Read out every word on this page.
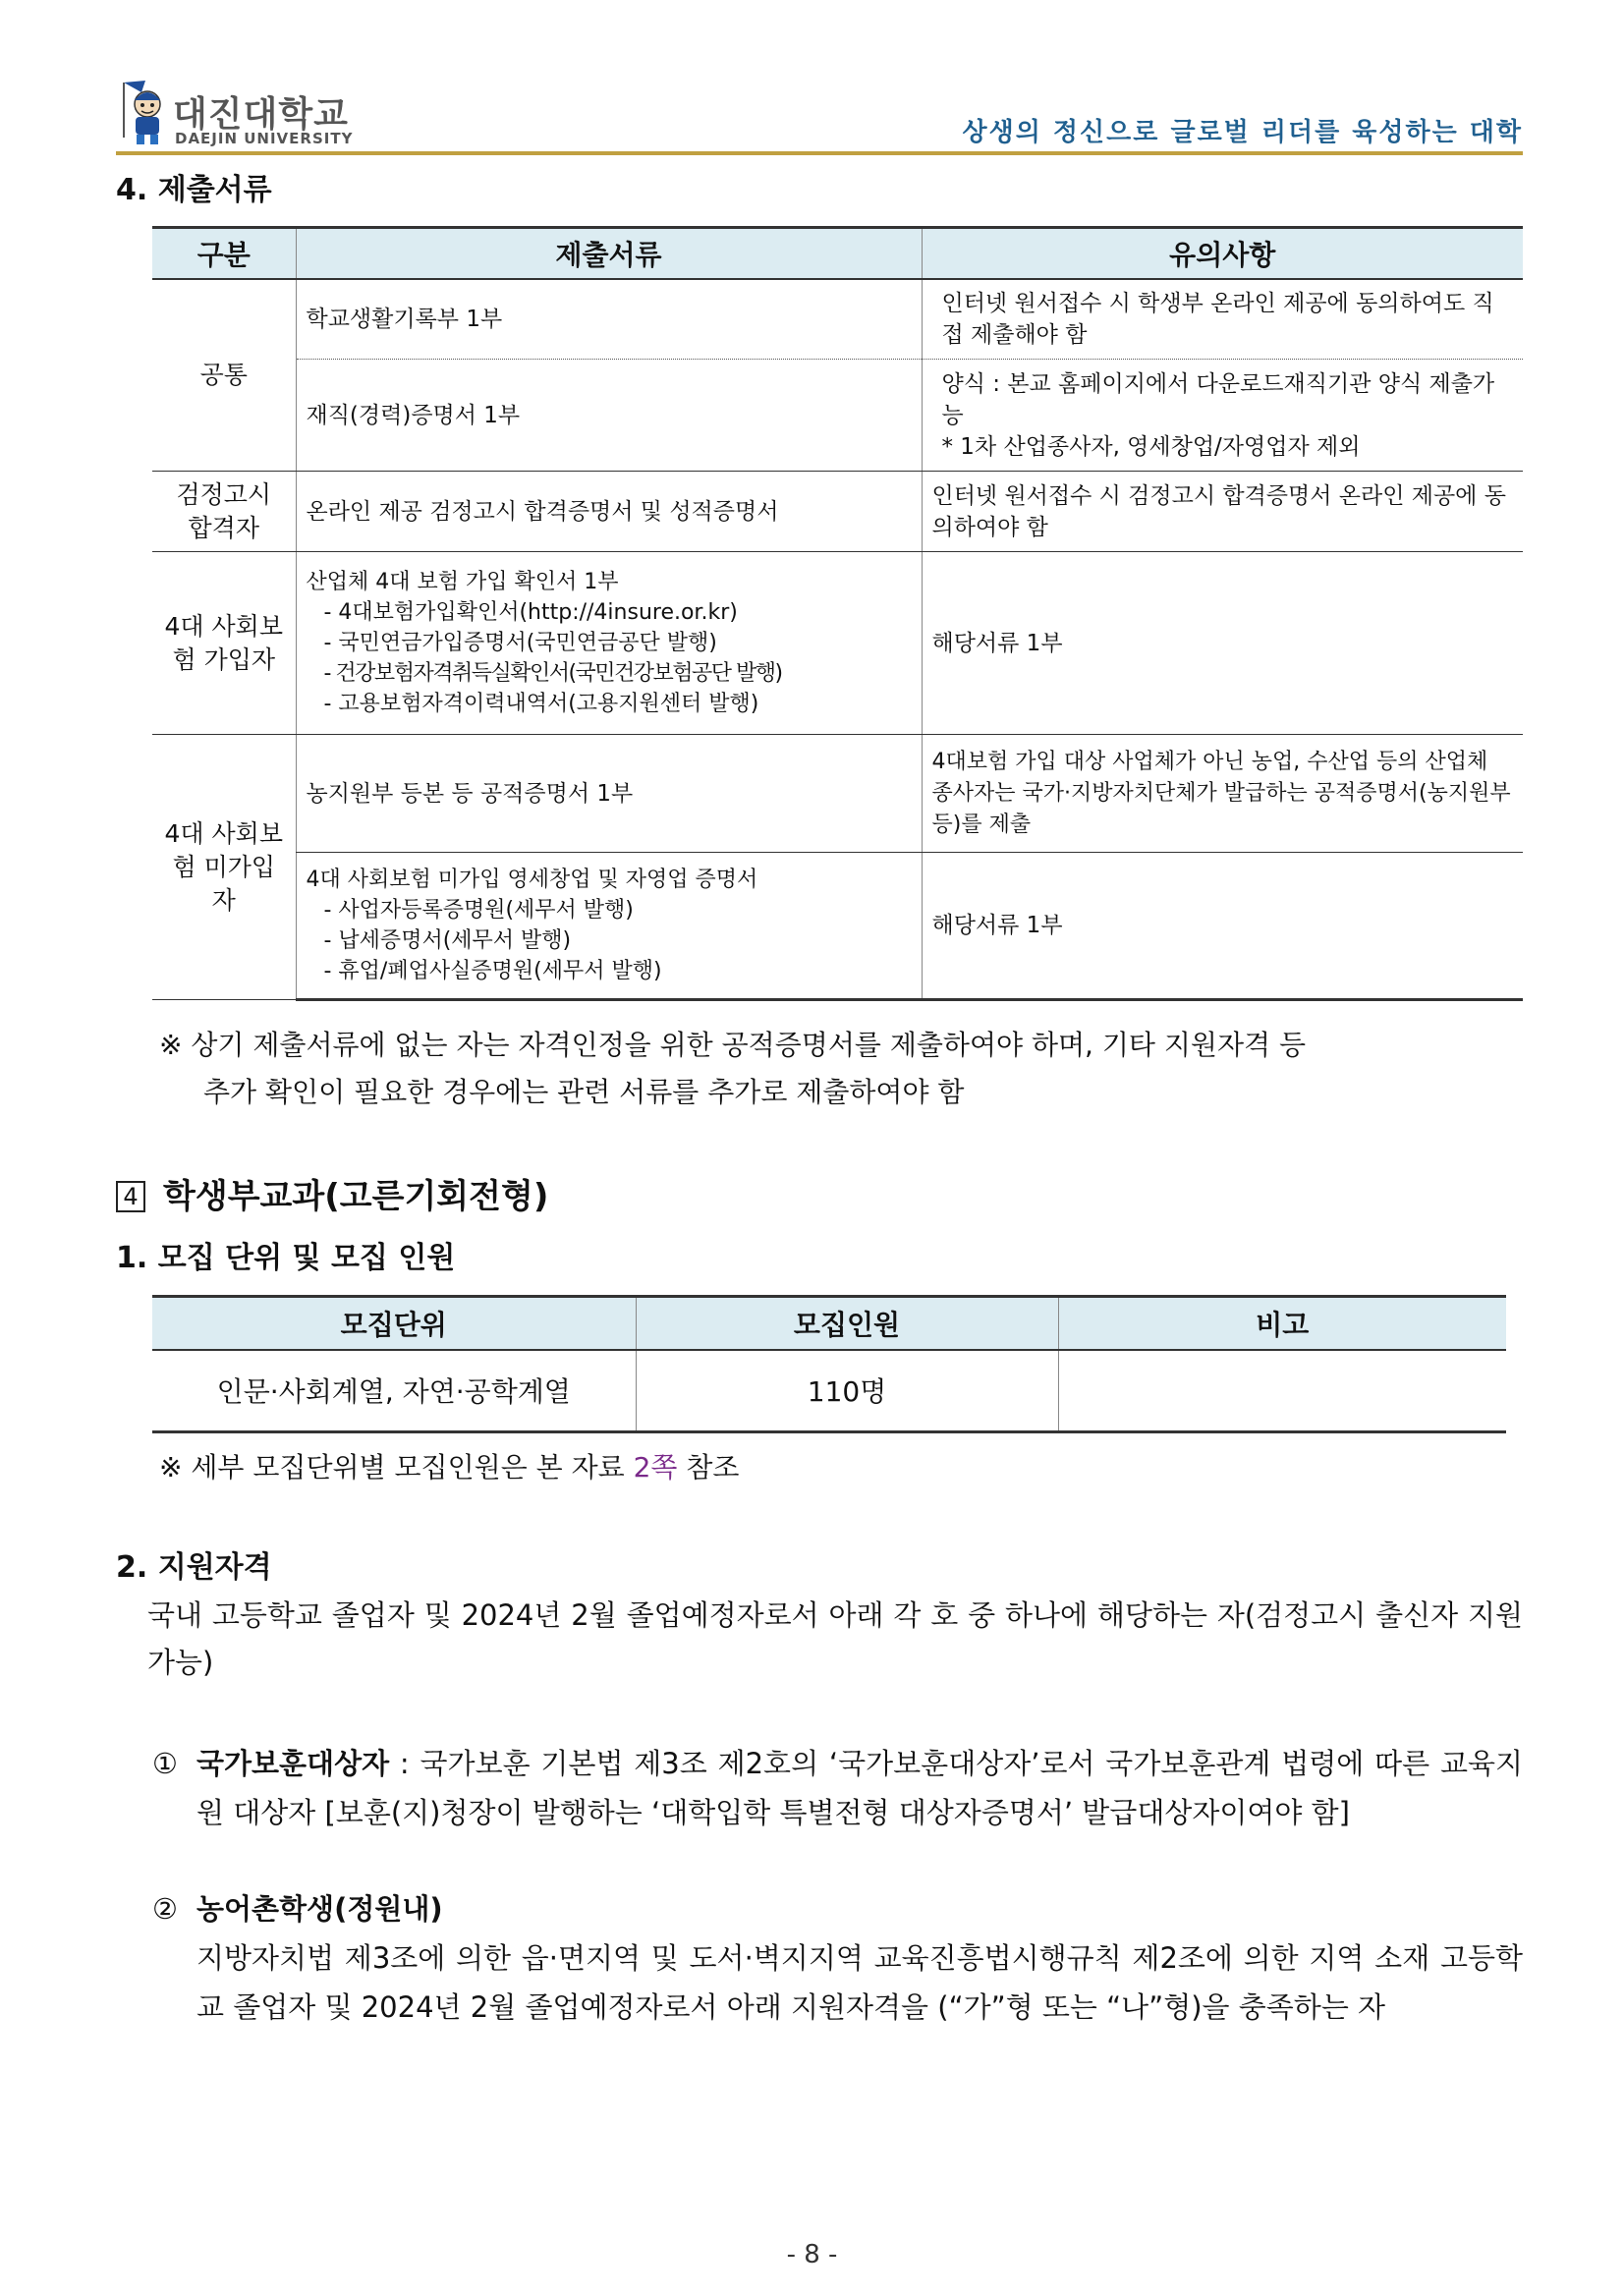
대진대학교
DAEJIN UNIVERSITY	상생의 정신으로 글로벌 리더를 육성하는 대학
4. 제출서류
구분	제출서류	유의사항
공통	학교생활기록부 1부	인터넷 원서접수 시 학생부 온라인 제공에 동의하여도 직접 제출해야 함
	재직(경력)증명서 1부	양식 : 본교 홈페이지에서 다운로드재직기관 양식 제출가능
* 1차 산업종사자, 영세창업/자영업자 제외

검정고시 합격자	온라인 제공 검정고시 합격증명서 및 성적증명서	인터넷 원서접수 시 검정고시 합격증명서 온라인 제공에 동의하여야 함
4대 사회보험 가입자	산업체 4대 보험 가입 확인서 1부
- 4대보험가입확인서(http://4insure.or.kr)
- 국민연금가입증명서(국민연금공단 발행)
- 건강보험자격취득실확인서(국민건강보험공단 발행)
- 고용보험자격이력내역서(고용지원센터 발행)	해당서류 1부
4대 사회보험 미가입자	농지원부 등본 등 공적증명서 1부	4대보험 가입 대상 사업체가 아닌 농업, 수산업 등의 산업체 종사자는 국가·지방자치단체가 발급하는 공적증명서(농지원부 등)를 제출

	4대 사회보험 미가입 영세창업 및 자영업 증명서
- 사업자등록증명원(세무서 발행)
- 납세증명서(세무서 발행)
- 휴업/폐업사실증명원(세무서 발행)	해당서류 1부
※ 상기 제출서류에 없는 자는 자격인정을 위한 공적증명서를 제출하여야 하며, 기타 지원자격 등
추가 확인이 필요한 경우에는 관련 서류를 추가로 제출하여야 함
4 학생부교과(고른기회전형)
1. 모집 단위 및 모집 인원
모집단위	모집인원	비고
인문·사회계열, 자연·공학계열	110명	
※ 세부 모집단위별 모집인원은 본 자료 2쪽 참조
2. 지원자격
국내 고등학교 졸업자 및 2024년 2월 졸업예정자로서 아래 각 호 중 하나에 해당하는 자(검정고시 출신자 지원가능)
① 국가보훈대상자 : 국가보훈 기본법 제3조 제2호의 ‘국가보훈대상자’로서 국가보훈관계 법령에 따른 교육지원 대상자 [보훈(지)청장이 발행하는 ‘대학입학 특별전형 대상자증명서’ 발급대상자이여야 함]
② 농어촌학생(정원내)
지방자치법 제3조에 의한 읍·면지역 및 도서·벽지지역 교육진흥법시행규칙 제2조에 의한 지역 소재 고등학교 졸업자 및 2024년 2월 졸업예정자로서 아래 지원자격을 (“가”형 또는 “나”형)을 충족하는 자
- 8 -
